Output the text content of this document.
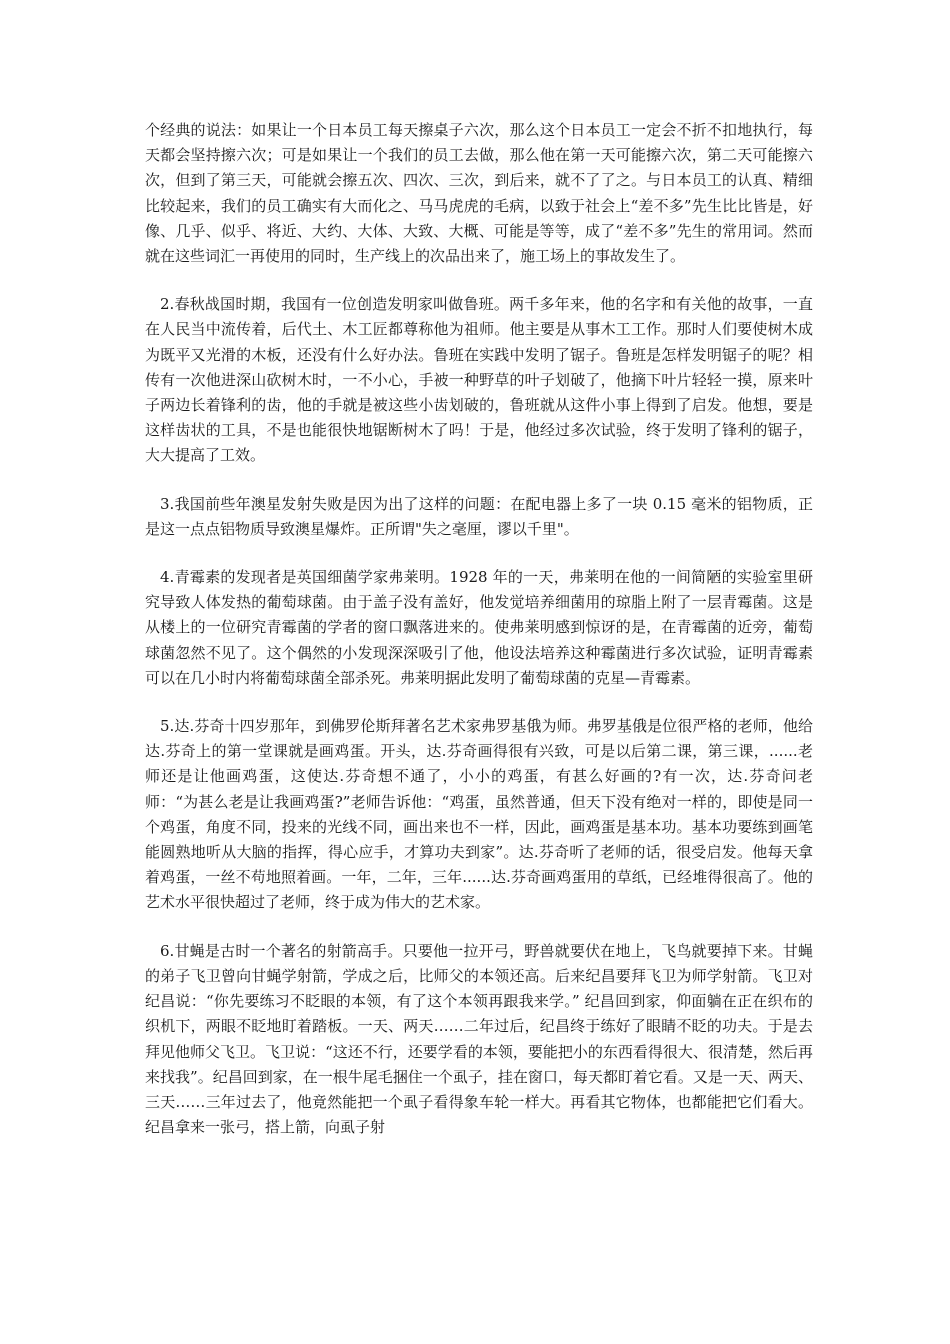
个经典的说法：如果让一个日本员工每天擦桌子六次，那么这个日本员工一定会不折不扣地执行，每天都会坚持擦六次；可是如果让一个我们的员工去做，那么他在第一天可能擦六次，第二天可能擦六次，但到了第三天，可能就会擦五次、四次、三次，到后来，就不了了之。与日本员工的认真、精细比较起来，我们的员工确实有大而化之、马马虎虎的毛病，以致于社会上“差不多”先生比比皆是，好像、几乎、似乎、将近、大约、大体、大致、大概、可能是等等，成了“差不多”先生的常用词。然而就在这些词汇一再使用的同时，生产线上的次品出来了，施工场上的事故发生了。

2.春秋战国时期，我国有一位创造发明家叫做鲁班。两千多年来，他的名字和有关他的故事，一直在人民当中流传着，后代土、木工匠都尊称他为祖师。他主要是从事木工工作。那时人们要使树木成为既平又光滑的木板，还没有什么好办法。鲁班在实践中发明了锯子。鲁班是怎样发明锯子的呢？相传有一次他进深山砍树木时，一不小心，手被一种野草的叶子划破了，他摘下叶片轻轻一摸，原来叶子两边长着锋利的齿，他的手就是被这些小齿划破的，鲁班就从这件小事上得到了启发。他想，要是这样齿状的工具，不是也能很快地锯断树木了吗！于是，他经过多次试验，终于发明了锋利的锯子，大大提高了工效。

3.我国前些年澳星发射失败是因为出了这样的问题：在配电器上多了一块 0.15 毫米的铝物质，正是这一点点铝物质导致澳星爆炸。正所谓"失之毫厘，谬以千里"。

4.青霉素的发现者是英国细菌学家弗莱明。1928 年的一天，弗莱明在他的一间简陋的实验室里研究导致人体发热的葡萄球菌。由于盖子没有盖好，他发觉培养细菌用的琼脂上附了一层青霉菌。这是从楼上的一位研究青霉菌的学者的窗口飘落进来的。使弗莱明感到惊讶的是，在青霉菌的近旁，葡萄球菌忽然不见了。这个偶然的小发现深深吸引了他，他设法培养这种霉菌进行多次试验，证明青霉素可以在几小时内将葡萄球菌全部杀死。弗莱明据此发明了葡萄球菌的克星—青霉素。

5.达.芬奇十四岁那年，到佛罗伦斯拜著名艺术家弗罗基俄为师。弗罗基俄是位很严格的老师，他给达.芬奇上的第一堂课就是画鸡蛋。开头，达.芬奇画得很有兴致，可是以后第二课，第三课，......老师还是让他画鸡蛋，这使达.芬奇想不通了，小小的鸡蛋，有甚么好画的?有一次，达.芬奇问老师：“为甚么老是让我画鸡蛋?”老师告诉他：“鸡蛋，虽然普通，但天下没有绝对一样的，即使是同一个鸡蛋，角度不同，投来的光线不同，画出来也不一样，因此，画鸡蛋是基本功。基本功要练到画笔能圆熟地听从大脑的指挥，得心应手，才算功夫到家”。达.芬奇听了老师的话，很受启发。他每天拿着鸡蛋，一丝不苟地照着画。一年，二年，三年......达.芬奇画鸡蛋用的草纸，已经堆得很高了。他的艺术水平很快超过了老师，终于成为伟大的艺术家。

6.甘蝇是古时一个著名的射箭高手。只要他一拉开弓，野兽就要伏在地上，飞鸟就要掉下来。甘蝇的弟子飞卫曾向甘蝇学射箭，学成之后，比师父的本领还高。后来纪昌要拜飞卫为师学射箭。飞卫对纪昌说：“你先要练习不眨眼的本领，有了这个本领再跟我来学。” 纪昌回到家，仰面躺在正在织布的织机下，两眼不眨地盯着踏板。一天、两天……二年过后，纪昌终于练好了眼睛不眨的功夫。于是去拜见他师父飞卫。飞卫说：“这还不行，还要学看的本领，要能把小的东西看得很大、很清楚，然后再来找我”。纪昌回到家，在一根牛尾毛捆住一个虱子，挂在窗口，每天都盯着它看。又是一天、两天、三天……三年过去了，他竟然能把一个虱子看得象车轮一样大。再看其它物体，也都能把它们看大。纪昌拿来一张弓，搭上箭，向虱子射
